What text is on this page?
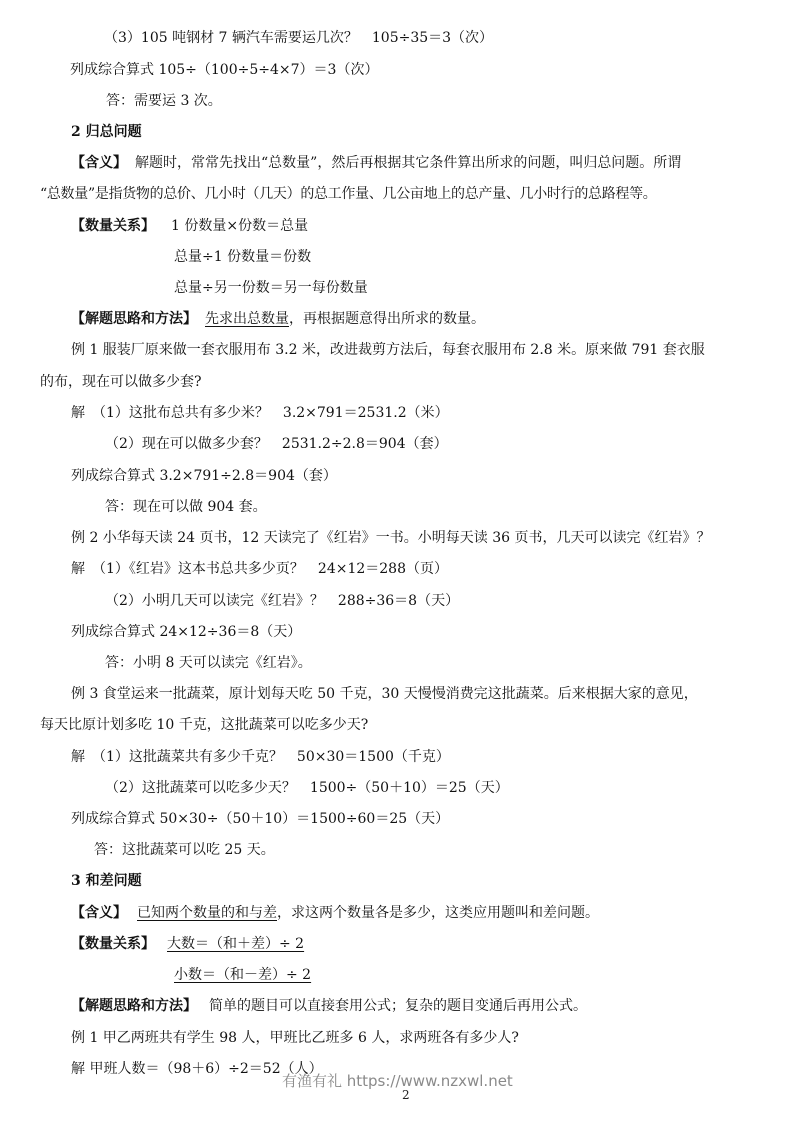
（3）105 吨钢材 7 辆汽车需要运几次？　105÷35＝3（次）
列成综合算式 105÷（100÷5÷4×7）＝3（次）
答：需要运 3 次。
2 归总问题
【含义】 解题时，常常先找出“总数量”，然后再根据其它条件算出所求的问题，叫归总问题。所谓
“总数量”是指货物的总价、几小时（几天）的总工作量、几公亩地上的总产量、几小时行的总路程等。
【数量关系】 1 份数量×份数＝总量
总量÷1 份数量＝份数
总量÷另一份数＝另一每份数量
【解题思路和方法】 先求出总数量，再根据题意得出所求的数量。
例 1 服装厂原来做一套衣服用布 3.2 米，改进裁剪方法后，每套衣服用布 2.8 米。原来做 791 套衣服
的布，现在可以做多少套?
解　（1）这批布总共有多少米？　3.2×791＝2531.2（米）
（2）现在可以做多少套？　2531.2÷2.8＝904（套）
列成综合算式 3.2×791÷2.8＝904（套）
答：现在可以做 904 套。
例 2 小华每天读 24 页书，12 天读完了《红岩》一书。小明每天读 36 页书，几天可以读完《红岩》？
解　（1）《红岩》这本书总共多少页？　24×12＝288（页）
（2）小明几天可以读完《红岩》？　288÷36＝8（天）
列成综合算式 24×12÷36＝8（天）
答：小明 8 天可以读完《红岩》。
例 3 食堂运来一批蔬菜，原计划每天吃 50 千克，30 天慢慢消费完这批蔬菜。后来根据大家的意见，
每天比原计划多吃 10 千克，这批蔬菜可以吃多少天?
解　（1）这批蔬菜共有多少千克？　50×30＝1500（千克）
（2）这批蔬菜可以吃多少天？　1500÷（50＋10）＝25（天）
列成综合算式 50×30÷（50＋10）＝1500÷60＝25（天）
答：这批蔬菜可以吃 25 天。
3 和差问题
【含义】 已知两个数量的和与差，求这两个数量各是多少，这类应用题叫和差问题。
【数量关系】 大数＝（和＋差）÷ 2
小数＝（和－差）÷ 2
【解题思路和方法】 简单的题目可以直接套用公式；复杂的题目变通后再用公式。
例 1 甲乙两班共有学生 98 人，甲班比乙班多 6 人，求两班各有多少人?
解 甲班人数＝（98＋6）÷2＝52（人）
有渔有礼 https://www.nzxwl.net
2
